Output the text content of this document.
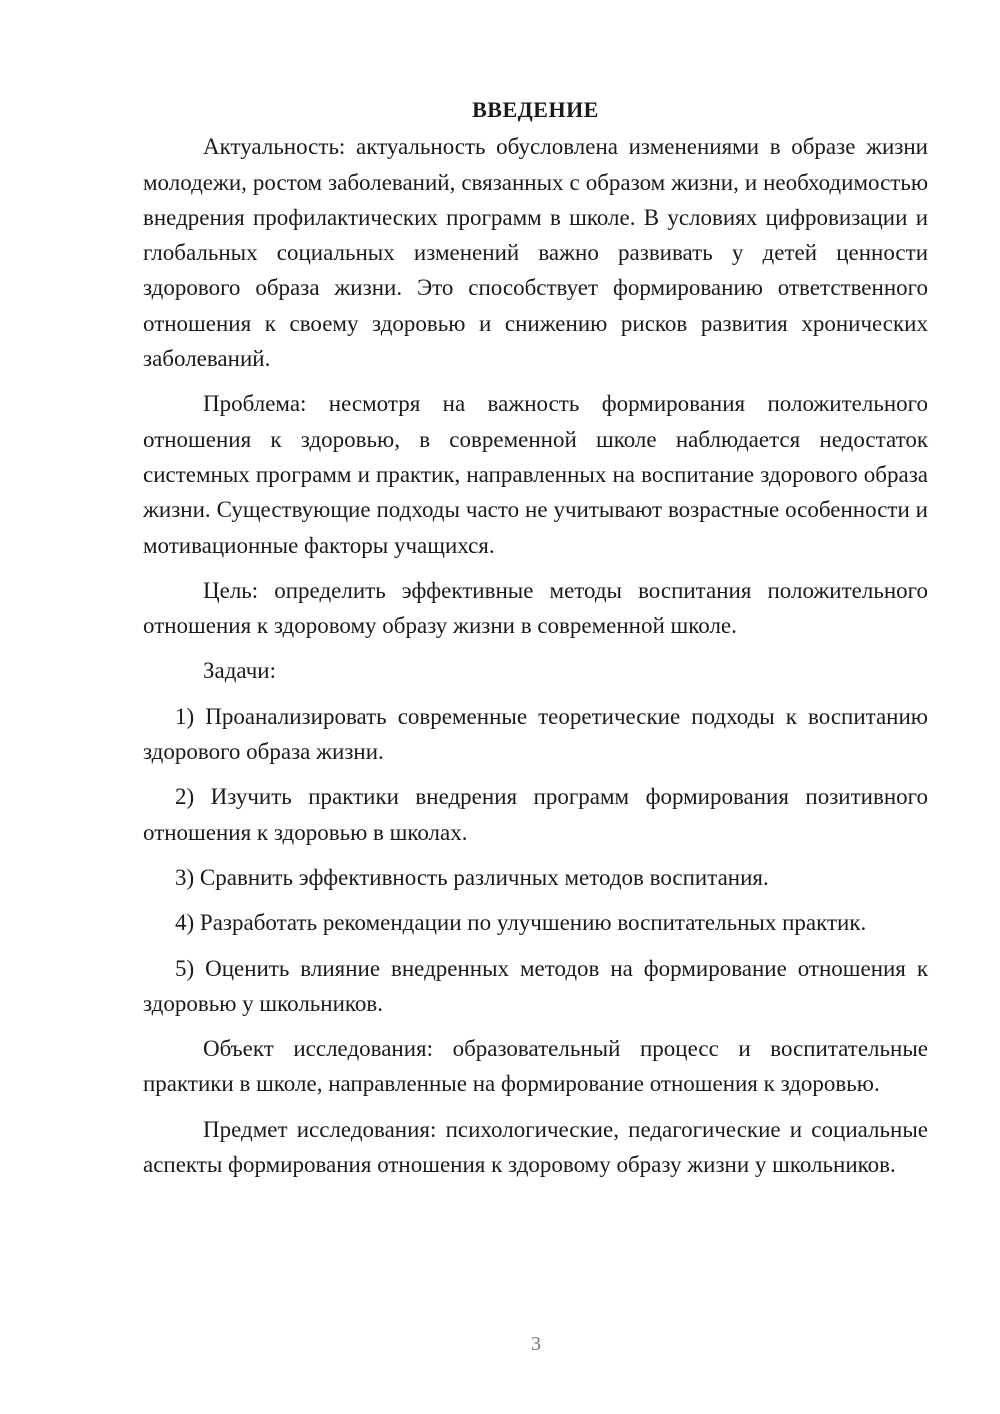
ВВЕДЕНИЕ

Актуальность: актуальность обусловлена изменениями в образе жизни молодежи, ростом заболеваний, связанных с образом жизни, и необходимостью внедрения профилактических программ в школе. В условиях цифровизации и глобальных социальных изменений важно развивать у детей ценности здорового образа жизни. Это способствует формированию ответственного отношения к своему здоровью и снижению рисков развития хронических заболеваний.

Проблема: несмотря на важность формирования положительного отношения к здоровью, в современной школе наблюдается недостаток системных программ и практик, направленных на воспитание здорового образа жизни. Существующие подходы часто не учитывают возрастные особенности и мотивационные факторы учащихся.

Цель: определить эффективные методы воспитания положительного отношения к здоровому образу жизни в современной школе.

Задачи:

1) Проанализировать современные теоретические подходы к воспитанию здорового образа жизни.

2) Изучить практики внедрения программ формирования позитивного отношения к здоровью в школах.

3) Сравнить эффективность различных методов воспитания.

4) Разработать рекомендации по улучшению воспитательных практик.

5) Оценить влияние внедренных методов на формирование отношения к здоровью у школьников.

Объект исследования: образовательный процесс и воспитательные практики в школе, направленные на формирование отношения к здоровью.

Предмет исследования: психологические, педагогические и социальные аспекты формирования отношения к здоровому образу жизни у школьников.

3
